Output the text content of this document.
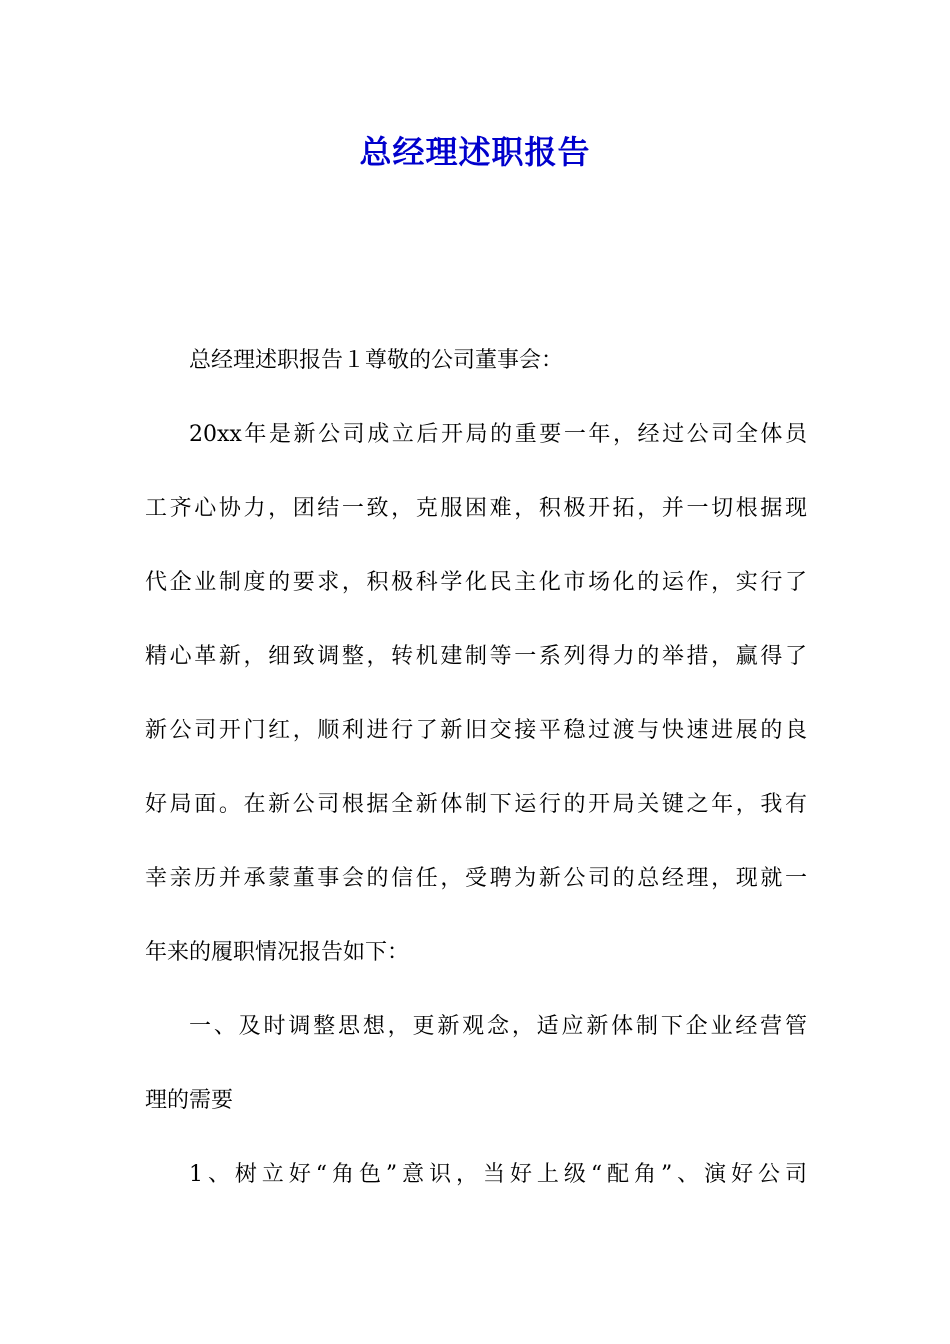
总经理述职报告
总经理述职报告１尊敬的公司董事会：
20xx年是新公司成立后开局的重要一年，经过公司全体员
工齐心协力，团结一致，克服困难，积极开拓，并一切根据现
代企业制度的要求，积极科学化民主化市场化的运作，实行了
精心革新，细致调整，转机建制等一系列得力的举措，赢得了
新公司开门红，顺利进行了新旧交接平稳过渡与快速进展的良
好局面。在新公司根据全新体制下运行的开局关键之年，我有
幸亲历并承蒙董事会的信任，受聘为新公司的总经理，现就一
年来的履职情况报告如下：
一、及时调整思想，更新观念，适应新体制下企业经营管
理的需要
1、树立好“角色”意识，当好上级“配角”、演好公司
